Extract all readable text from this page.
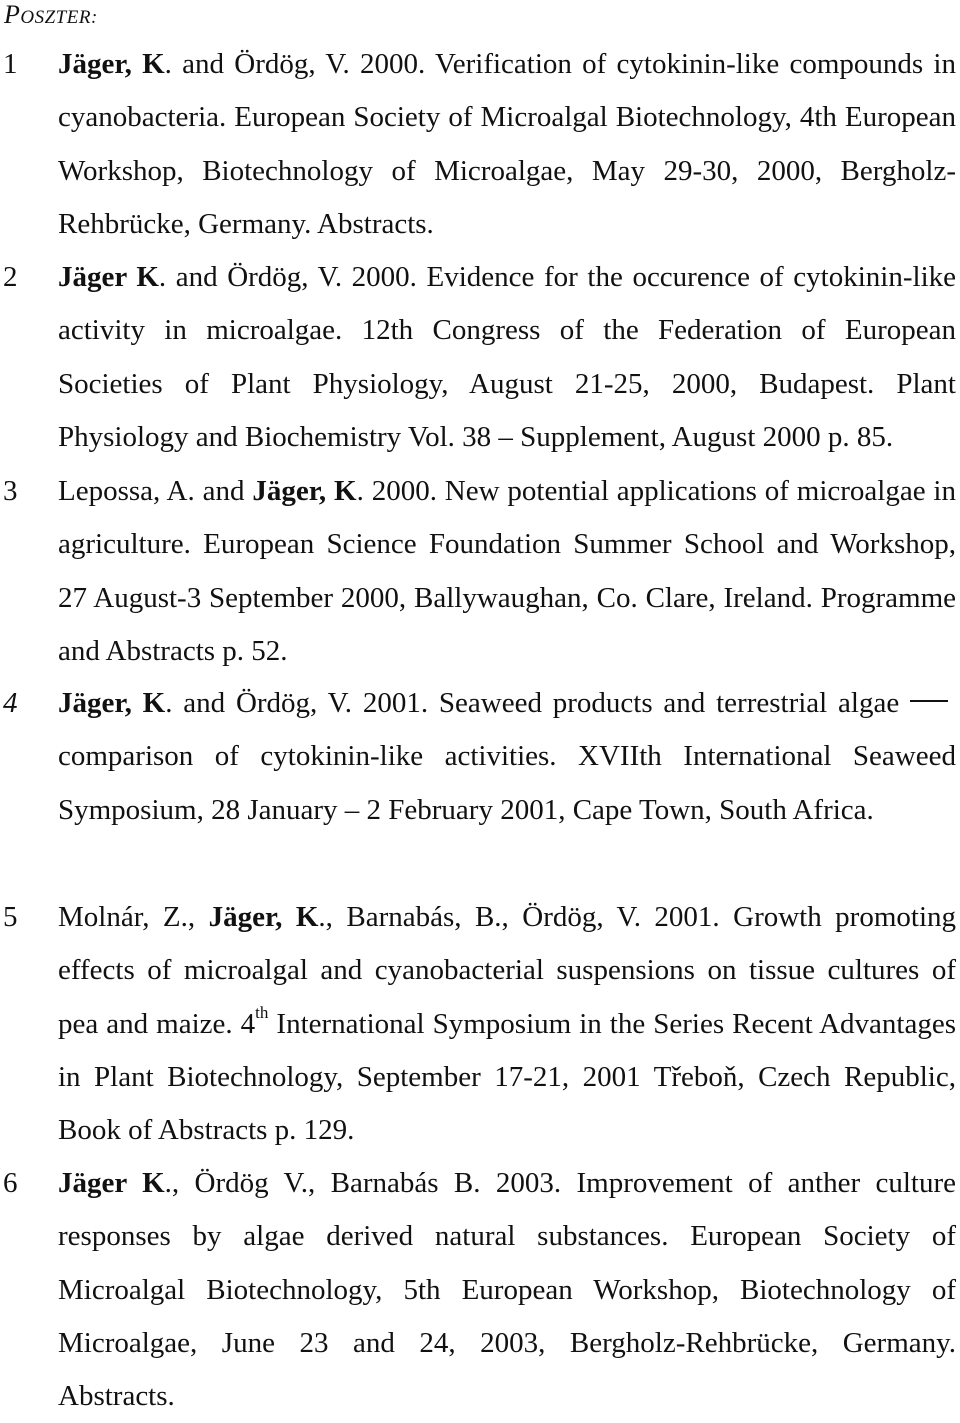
POSZTER:
1	Jäger, K. and Ördög, V. 2000. Verification of cytokinin-like compounds in cyanobacteria. European Society of Microalgal Biotechnology, 4th European Workshop, Biotechnology of Microalgae, May 29-30, 2000, Bergholz-Rehbrücke, Germany. Abstracts.
2	Jäger K. and Ördög, V. 2000. Evidence for the occurence of cytokinin-like activity in microalgae. 12th Congress of the Federation of European Societies of Plant Physiology, August 21-25, 2000, Budapest. Plant Physiology and Biochemistry Vol. 38 – Supplement, August 2000 p. 85.
3	Lepossa, A. and Jäger, K. 2000. New potential applications of microalgae in agriculture. European Science Foundation Summer School and Workshop, 27 August-3 September 2000, Ballywaughan, Co. Clare, Ireland. Programme and Abstracts p. 52.
4	Jäger, K. and Ördög, V. 2001. Seaweed products and terrestrial algae comparison of cytokinin-like activities. XVIIth International Seaweed Symposium, 28 January – 2 February 2001, Cape Town, South Africa.
5	Molnár, Z., Jäger, K., Barnabás, B., Ördög, V. 2001. Growth promoting effects of microalgal and cyanobacterial suspensions on tissue cultures of pea and maize. 4th International Symposium in the Series Recent Advantages in Plant Biotechnology, September 17-21, 2001 Třeboň, Czech Republic, Book of Abstracts p. 129.
6	Jäger K., Ördög V., Barnabás B. 2003. Improvement of anther culture responses by algae derived natural substances. European Society of Microalgal Biotechnology, 5th European Workshop, Biotechnology of Microalgae, June 23 and 24, 2003, Bergholz-Rehbrücke, Germany. Abstracts.
